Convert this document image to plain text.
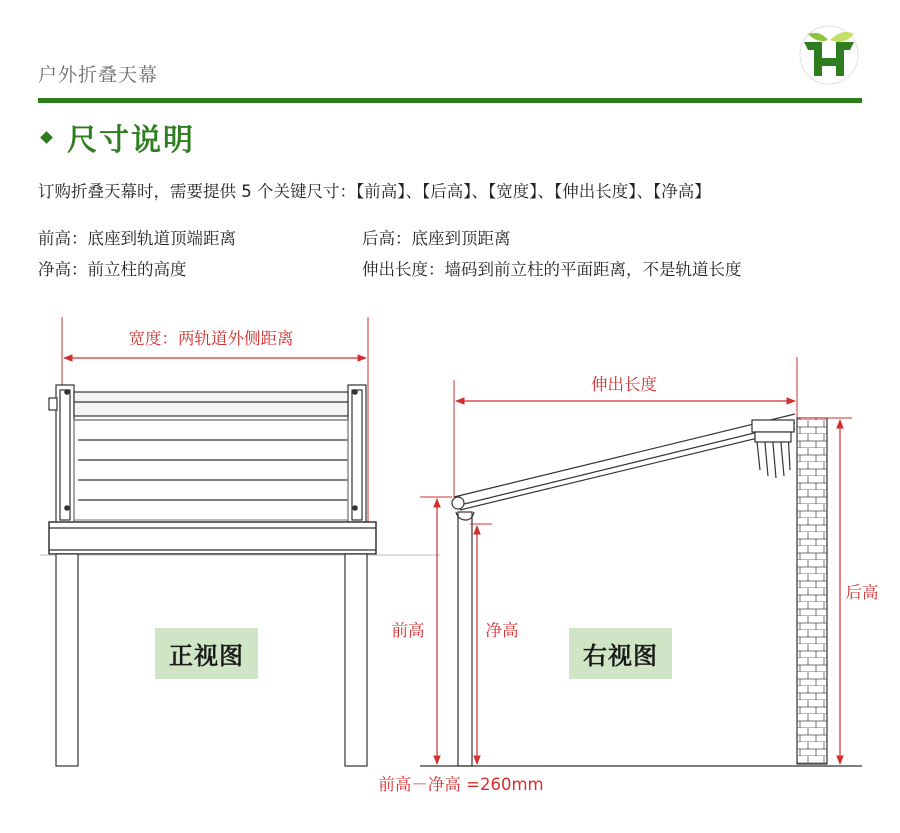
户外折叠天幕
尺寸说明
订购折叠天幕时，需要提供 5 个关键尺寸：【前高】、【后高】、【宽度】、【伸出长度】、【净高】
前高：底座到轨道顶端距离	后高：底座到顶距离
净高：前立柱的高度	伸出长度：墙码到前立柱的平面距离，不是轨道长度
宽度：两轨道外侧距离
伸出长度
前高	净高
后高
前高－净高 =260mm
正视图	右视图
